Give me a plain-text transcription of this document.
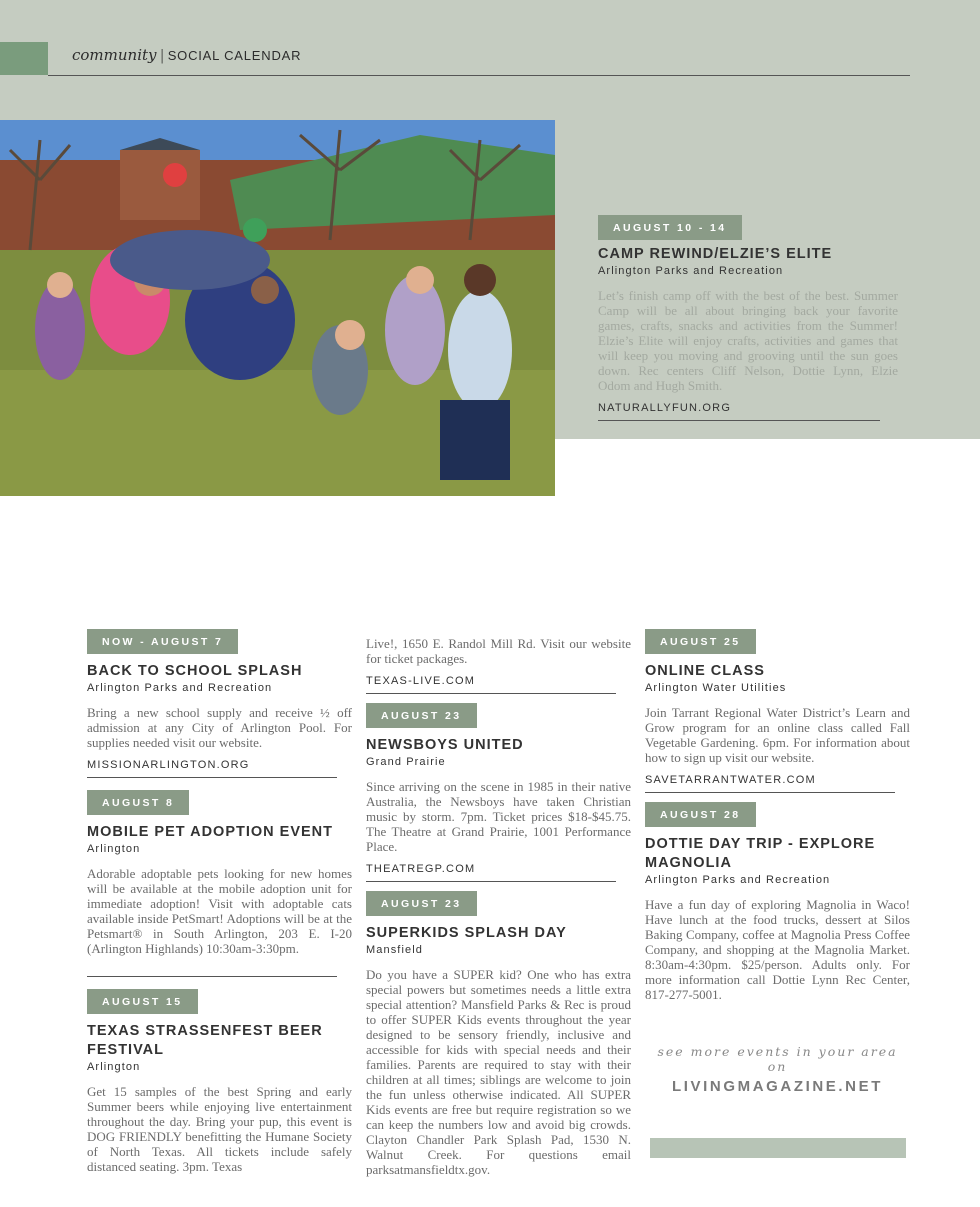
community | SOCIAL CALENDAR
AUGUST 10 - 14
CAMP REWIND/ELZIE’S ELITE
Arlington Parks and Recreation
Let’s finish camp off with the best of the best. Summer Camp will be all about bringing back your favorite games, crafts, snacks and activities from the Summer! Elzie’s Elite will enjoy crafts, activities and games that will keep you moving and grooving until the sun goes down. Rec centers Cliff Nelson, Dottie Lynn, Elzie Odom and Hugh Smith.
NATURALLYFUN.ORG
NOW - AUGUST 7
BACK TO SCHOOL SPLASH
Arlington Parks and Recreation
Bring a new school supply and receive ½ off admission at any City of Arlington Pool. For supplies needed visit our website.
MISSIONARLINGTON.ORG
AUGUST 8
MOBILE PET ADOPTION EVENT
Arlington
Adorable adoptable pets looking for new homes will be available at the mobile adoption unit for immediate adoption! Visit with adoptable cats available inside PetSmart! Adoptions will be at the Petsmart® in South Arlington, 203 E. I-20 (Arlington Highlands) 10:30am-3:30pm.
AUGUST 15
TEXAS STRASSENFEST BEER FESTIVAL
Arlington
Get 15 samples of the best Spring and early Summer beers while enjoying live entertainment throughout the day. Bring your pup, this event is DOG FRIENDLY benefitting the Humane Society of North Texas. All tickets include safely distanced seating. 3pm. Texas
Live!, 1650 E. Randol Mill Rd. Visit our website for ticket packages.
TEXAS-LIVE.COM
AUGUST 23
NEWSBOYS UNITED
Grand Prairie
Since arriving on the scene in 1985 in their native Australia, the Newsboys have taken Christian music by storm. 7pm. Ticket prices $18-$45.75. The Theatre at Grand Prairie, 1001 Performance Place.
THEATREGP.COM
AUGUST 23
SUPERKIDS SPLASH DAY
Mansfield
Do you have a SUPER kid? One who has extra special powers but sometimes needs a little extra special attention? Mansfield Parks & Rec is proud to offer SUPER Kids events throughout the year designed to be sensory friendly, inclusive and accessible for kids with special needs and their families. Parents are required to stay with their children at all times; siblings are welcome to join the fun unless otherwise indicated. All SUPER Kids events are free but require registration so we can keep the numbers low and avoid big crowds. Clayton Chandler Park Splash Pad, 1530 N. Walnut Creek. For questions email parksatmansfieldtx.gov.
AUGUST 25
ONLINE CLASS
Arlington Water Utilities
Join Tarrant Regional Water District’s Learn and Grow program for an online class called Fall Vegetable Gardening. 6pm. For information about how to sign up visit our website.
SAVETARRANTWATER.COM
AUGUST 28
DOTTIE DAY TRIP - EXPLORE MAGNOLIA
Arlington Parks and Recreation
Have a fun day of exploring Magnolia in Waco! Have lunch at the food trucks, dessert at Silos Baking Company, coffee at Magnolia Press Coffee Company, and shopping at the Magnolia Market. 8:30am-4:30pm. $25/person. Adults only. For more information call Dottie Lynn Rec Center, 817-277-5001.
see more events in your area on
LIVINGMAGAZINE.NET
